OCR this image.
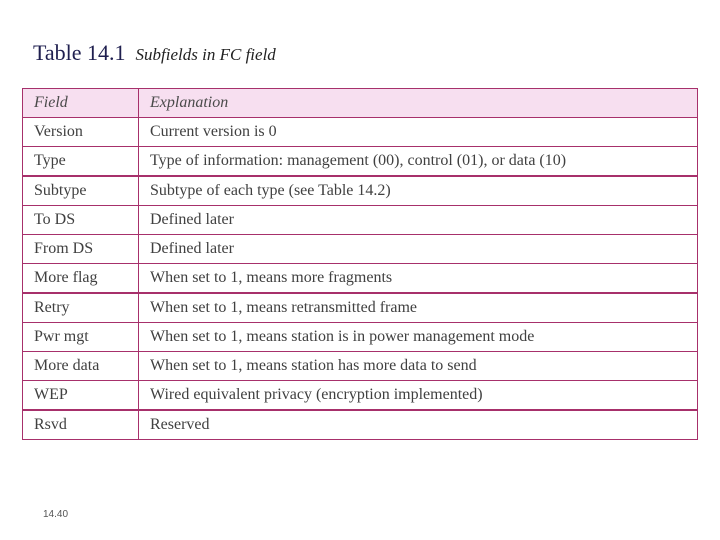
Table 14.1 Subfields in FC field
Field	Explanation
Version	Current version is 0
Type	Type of information: management (00), control (01), or data (10)
Subtype	Subtype of each type (see Table 14.2)
To DS	Defined later
From DS	Defined later
More flag	When set to 1, means more fragments
Retry	When set to 1, means retransmitted frame
Pwr mgt	When set to 1, means station is in power management mode
More data	When set to 1, means station has more data to send
WEP	Wired equivalent privacy (encryption implemented)
Rsvd	Reserved
14.40
